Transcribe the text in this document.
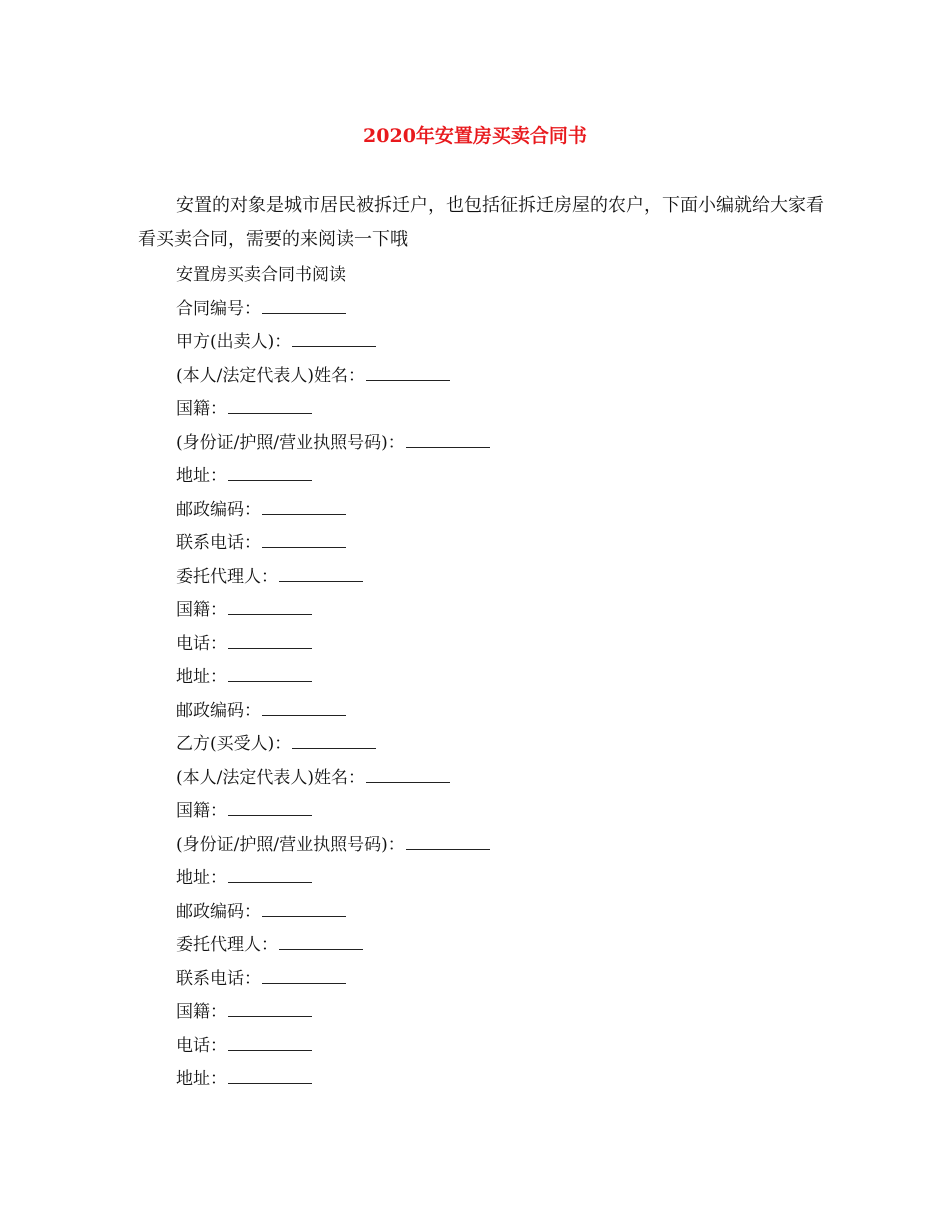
2020年安置房买卖合同书

安置的对象是城市居民被拆迁户，也包括征拆迁房屋的农户，下面小编就给大家看看买卖合同，需要的来阅读一下哦

安置房买卖合同书阅读
合同编号：
甲方(出卖人)：
(本人/法定代表人)姓名：
国籍：
(身份证/护照/营业执照号码)：
地址：
邮政编码：
联系电话：
委托代理人：
国籍：
电话：
地址：
邮政编码：
乙方(买受人)：
(本人/法定代表人)姓名：
国籍：
(身份证/护照/营业执照号码)：
地址：
邮政编码：
委托代理人：
联系电话：
国籍：
电话：
地址：
